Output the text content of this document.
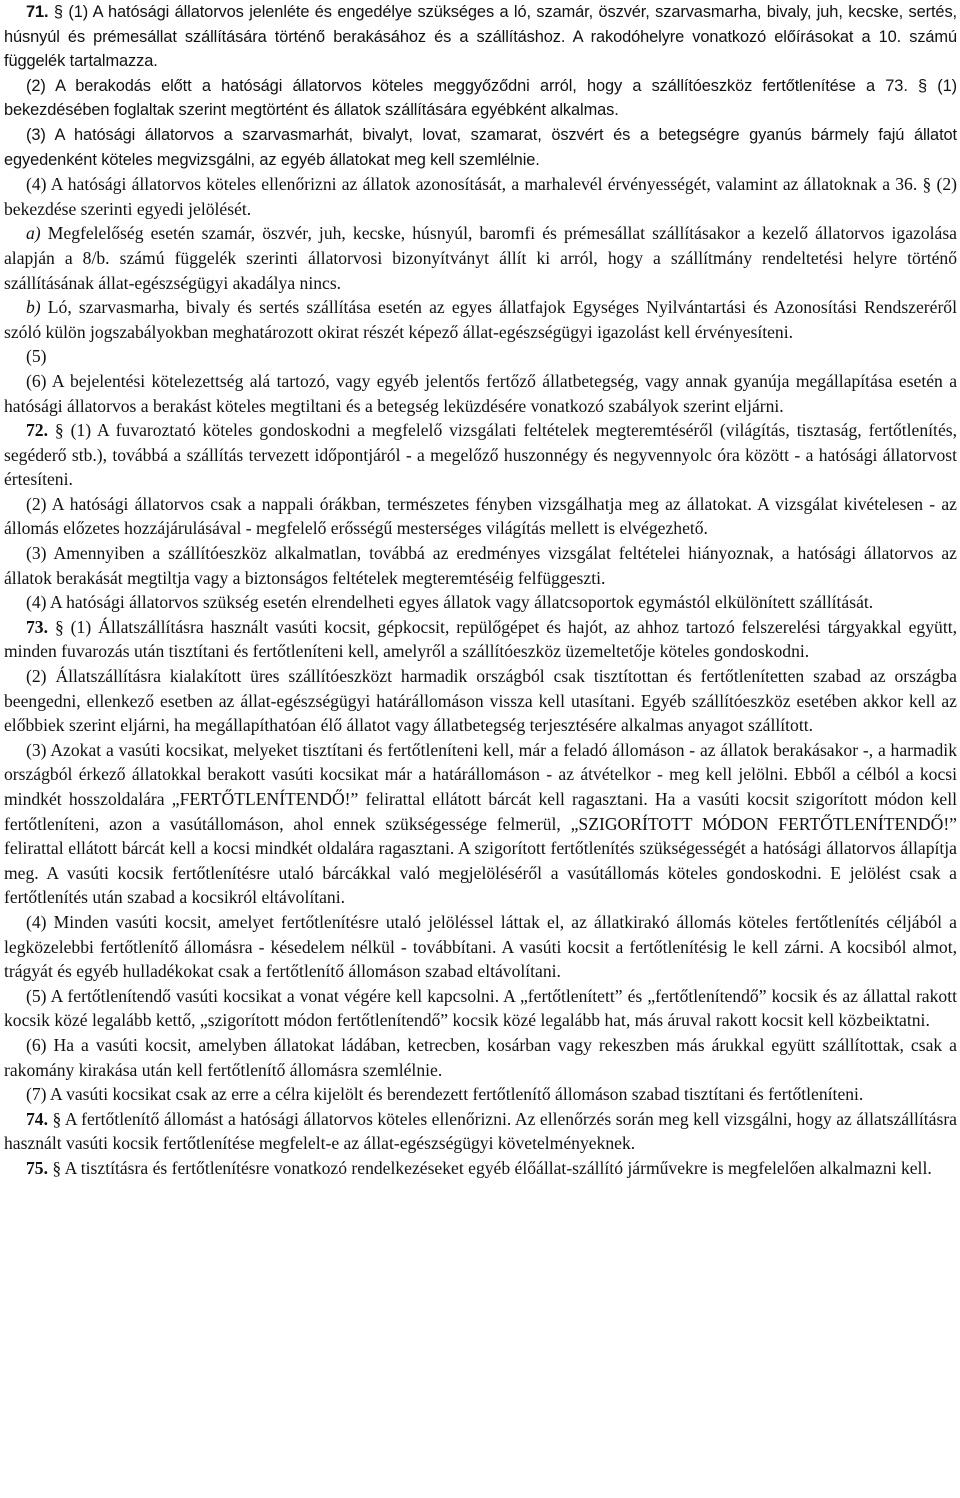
71. § (1) A hatósági állatorvos jelenléte és engedélye szükséges a ló, szamár, öszvér, szarvasmarha, bivaly, juh, kecske, sertés, húsnyúl és prémesállat szállítására történő berakásához és a szállításhoz. A rakodóhelyre vonatkozó előírásokat a 10. számú függelék tartalmazza.

(2) A berakodás előtt a hatósági állatorvos köteles meggyőződni arról, hogy a szállítóeszköz fertőtlenítése a 73. § (1) bekezdésében foglaltak szerint megtörtént és állatok szállítására egyébként alkalmas.

(3) A hatósági állatorvos a szarvasmarhát, bivalyt, lovat, szamarat, öszvért és a betegségre gyanús bármely fajú állatot egyedenként köteles megvizsgálni, az egyéb állatokat meg kell szemlélnie.

(4) A hatósági állatorvos köteles ellenőrizni az állatok azonosítását, a marhalevél érvényességét, valamint az állatoknak a 36. § (2) bekezdése szerinti egyedi jelölését.

a) Megfelelőség esetén szamár, öszvér, juh, kecske, húsnyúl, baromfi és prémesállat szállításakor a kezelő állatorvos igazolása alapján a 8/b. számú függelék szerinti állatorvosi bizonyítványt állít ki arról, hogy a szállítmány rendeltetési helyre történő szállításának állat-egészségügyi akadálya nincs.

b) Ló, szarvasmarha, bivaly és sertés szállítása esetén az egyes állatfajok Egységes Nyilvántartási és Azonosítási Rendszeréről szóló külön jogszabályokban meghatározott okirat részét képező állat-egészségügyi igazolást kell érvényesíteni.

(5)

(6) A bejelentési kötelezettség alá tartozó, vagy egyéb jelentős fertőző állatbetegség, vagy annak gyanúja megállapítása esetén a hatósági állatorvos a berakást köteles megtiltani és a betegség leküzdésére vonatkozó szabályok szerint eljárni.

72. § (1) A fuvaroztató köteles gondoskodni a megfelelő vizsgálati feltételek megteremtéséről (világítás, tisztaság, fertőtlenítés, segéderő stb.), továbbá a szállítás tervezett időpontjáról - a megelőző huszonnégy és negyvennyolc óra között - a hatósági állatorvost értesíteni.

(2) A hatósági állatorvos csak a nappali órákban, természetes fényben vizsgálhatja meg az állatokat. A vizsgálat kivételesen - az állomás előzetes hozzájárulásával - megfelelő erősségű mesterséges világítás mellett is elvégezhető.

(3) Amennyiben a szállítóeszköz alkalmatlan, továbbá az eredményes vizsgálat feltételei hiányoznak, a hatósági állatorvos az állatok berakását megtiltja vagy a biztonságos feltételek megteremtéséig felfüggeszti.

(4) A hatósági állatorvos szükség esetén elrendelheti egyes állatok vagy állatcsoportok egymástól elkülönített szállítását.

73. § (1) Állatszállításra használt vasúti kocsit, gépkocsit, repülőgépet és hajót, az ahhoz tartozó felszerelési tárgyakkal együtt, minden fuvarozás után tisztítani és fertőtleníteni kell, amelyről a szállítóeszköz üzemeltetője köteles gondoskodni.

(2) Állatszállításra kialakított üres szállítóeszközt harmadik országból csak tisztítottan és fertőtlenítetten szabad az országba beengedni, ellenkező esetben az állat-egészségügyi határállomáson vissza kell utasítani. Egyéb szállítóeszköz esetében akkor kell az előbbiek szerint eljárni, ha megállapíthatóan élő állatot vagy állatbetegség terjesztésére alkalmas anyagot szállított.

(3) Azokat a vasúti kocsikat, melyeket tisztítani és fertőtleníteni kell, már a feladó állomáson - az állatok berakásakor -, a harmadik országból érkező állatokkal berakott vasúti kocsikat már a határállomáson - az átvételkor - meg kell jelölni. Ebből a célból a kocsi mindkét hosszoldalára „FERTŐTLENÍTENDŐ!” felirattal ellátott bárcát kell ragasztani. Ha a vasúti kocsit szigorított módon kell fertőtleníteni, azon a vasútállomáson, ahol ennek szükségessége felmerül, „SZIGORÍTOTT MÓDON FERTŐTLENÍTENDŐ!” felirattal ellátott bárcát kell a kocsi mindkét oldalára ragasztani. A szigorított fertőtlenítés szükségességét a hatósági állatorvos állapítja meg. A vasúti kocsik fertőtlenítésre utaló bárcákkal való megjelöléséről a vasútállomás köteles gondoskodni. E jelölést csak a fertőtlenítés után szabad a kocsikról eltávolítani.

(4) Minden vasúti kocsit, amelyet fertőtlenítésre utaló jelöléssel láttak el, az állatkirakó állomás köteles fertőtlenítés céljából a legközelebbi fertőtlenítő állomásra - késedelem nélkül - továbbítani. A vasúti kocsit a fertőtlenítésig le kell zárni. A kocsiból almot, trágyát és egyéb hulladékokat csak a fertőtlenítő állomáson szabad eltávolítani.

(5) A fertőtlenítendő vasúti kocsikat a vonat végére kell kapcsolni. A „fertőtlenített” és „fertőtlenítendő” kocsik és az állattal rakott kocsik közé legalább kettő, „szigorított módon fertőtlenítendő” kocsik közé legalább hat, más áruval rakott kocsit kell közbeiktatni.

(6) Ha a vasúti kocsit, amelyben állatokat ládában, ketrecben, kosárban vagy rekeszben más árukkal együtt szállítottak, csak a rakomány kirakása után kell fertőtlenítő állomásra szemlélnie.

(7) A vasúti kocsikat csak az erre a célra kijelölt és berendezett fertőtlenítő állomáson szabad tisztítani és fertőtleníteni.

74. § A fertőtlenítő állomást a hatósági állatorvos köteles ellenőrizni. Az ellenőrzés során meg kell vizsgálni, hogy az állatszállításra használt vasúti kocsik fertőtlenítése megfelelt-e az állat-egészségügyi követelményeknek.

75. § A tisztításra és fertőtlenítésre vonatkozó rendelkezéseket egyéb élőállat-szállító járművekre is megfelelően alkalmazni kell.
